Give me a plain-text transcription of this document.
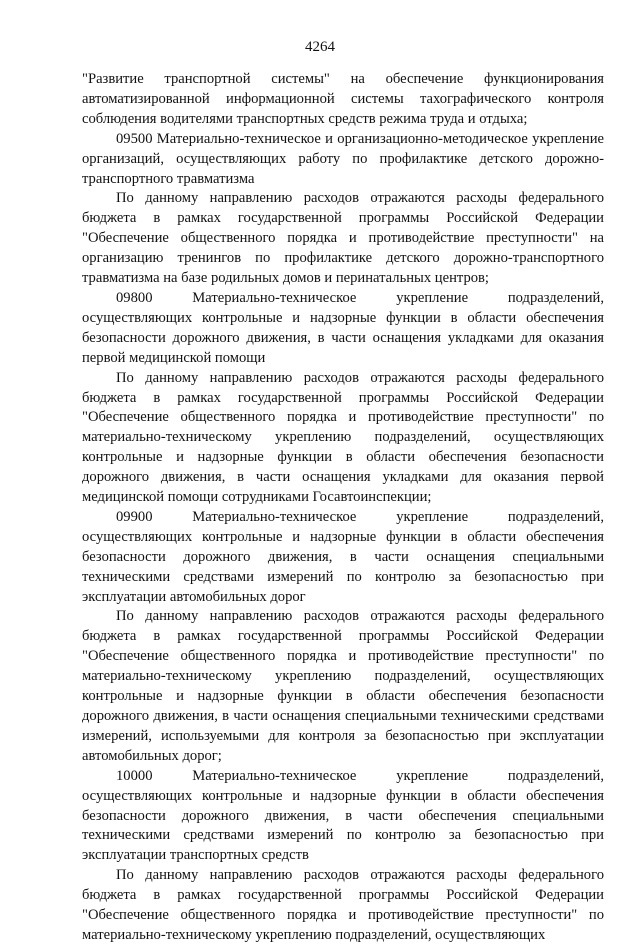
4264

"Развитие транспортной системы" на обеспечение функционирования автоматизированной информационной системы тахографического контроля соблюдения водителями транспортных средств режима труда и отдыха;

09500 Материально-техническое и организационно-методическое укрепление организаций, осуществляющих работу по профилактике детского дорожно-транспортного травматизма

По данному направлению расходов отражаются расходы федерального бюджета в рамках государственной программы Российской Федерации "Обеспечение общественного порядка и противодействие преступности" на организацию тренингов по профилактике детского дорожно-транспортного травматизма на базе родильных домов и перинатальных центров;

09800 Материально-техническое укрепление подразделений, осуществляющих контрольные и надзорные функции в области обеспечения безопасности дорожного движения, в части оснащения укладками для оказания первой медицинской помощи

По данному направлению расходов отражаются расходы федерального бюджета в рамках государственной программы Российской Федерации "Обеспечение общественного порядка и противодействие преступности" по материально-техническому укреплению подразделений, осуществляющих контрольные и надзорные функции в области обеспечения безопасности дорожного движения, в части оснащения укладками для оказания первой медицинской помощи сотрудниками Госавтоинспекции;

09900 Материально-техническое укрепление подразделений, осуществляющих контрольные и надзорные функции в области обеспечения безопасности дорожного движения, в части оснащения специальными техническими средствами измерений по контролю за безопасностью при эксплуатации автомобильных дорог

По данному направлению расходов отражаются расходы федерального бюджета в рамках государственной программы Российской Федерации "Обеспечение общественного порядка и противодействие преступности" по материально-техническому укреплению подразделений, осуществляющих контрольные и надзорные функции в области обеспечения безопасности дорожного движения, в части оснащения специальными техническими средствами измерений, используемыми для контроля за безопасностью при эксплуатации автомобильных дорог;

10000 Материально-техническое укрепление подразделений, осуществляющих контрольные и надзорные функции в области обеспечения безопасности дорожного движения, в части обеспечения специальными техническими средствами измерений по контролю за безопасностью при эксплуатации транспортных средств

По данному направлению расходов отражаются расходы федерального бюджета в рамках государственной программы Российской Федерации "Обеспечение общественного порядка и противодействие преступности" по материально-техническому укреплению подразделений, осуществляющих
